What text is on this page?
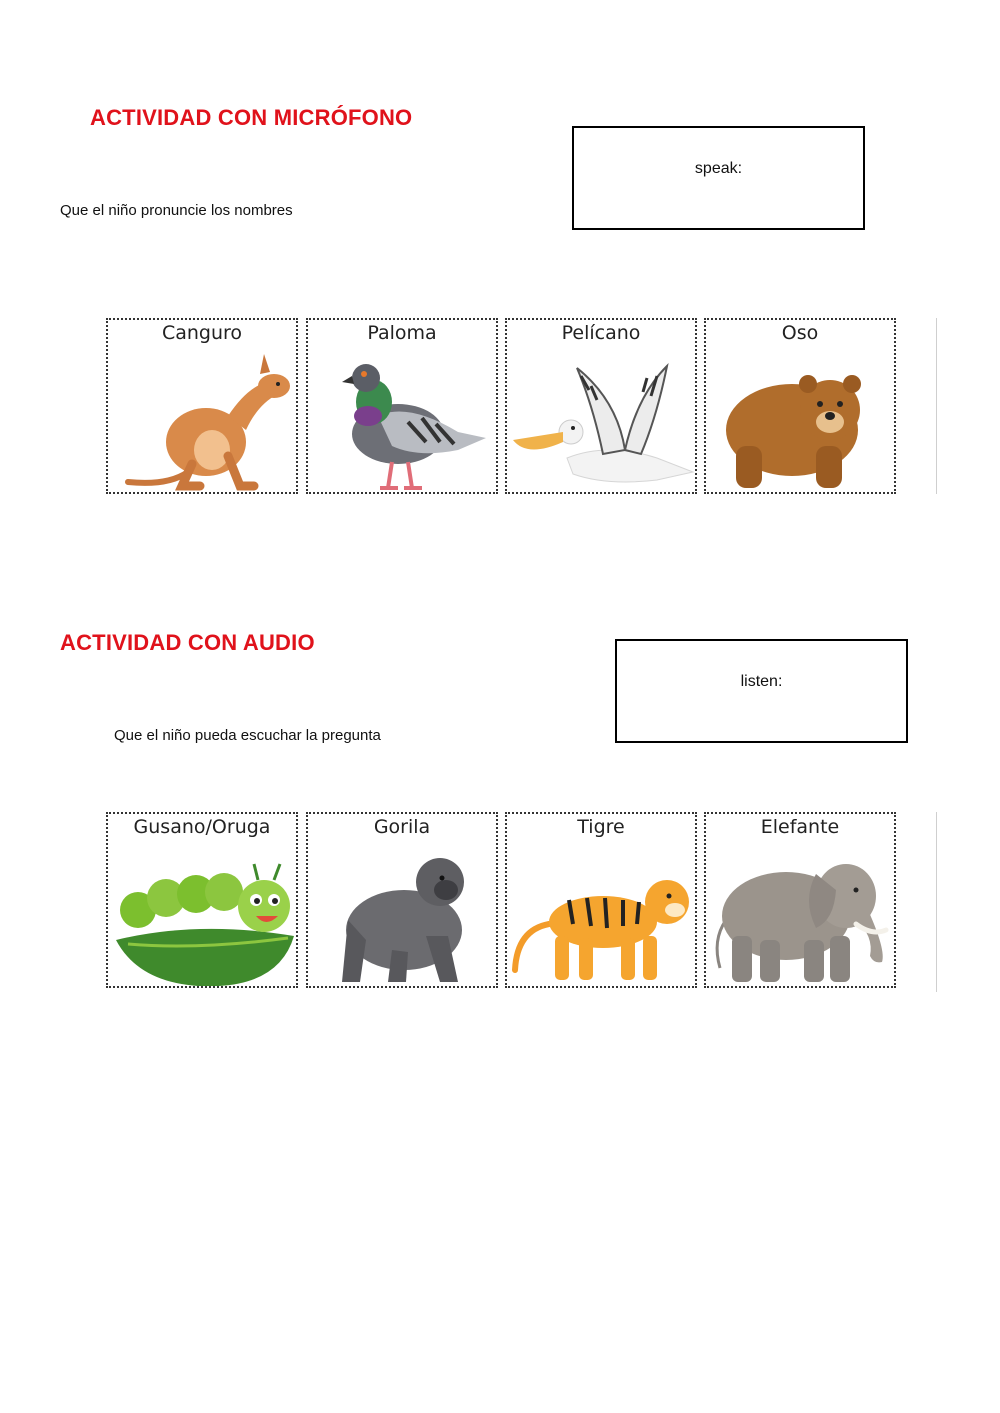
ACTIVIDAD CON MICRÓFONO
Que el niño pronuncie los nombres
speak:
Canguro	Paloma	Pelícano	Oso
ACTIVIDAD CON AUDIO
Que el niño pueda escuchar la pregunta
listen:
Gusano/Oruga	Gorila	Tigre	Elefante
